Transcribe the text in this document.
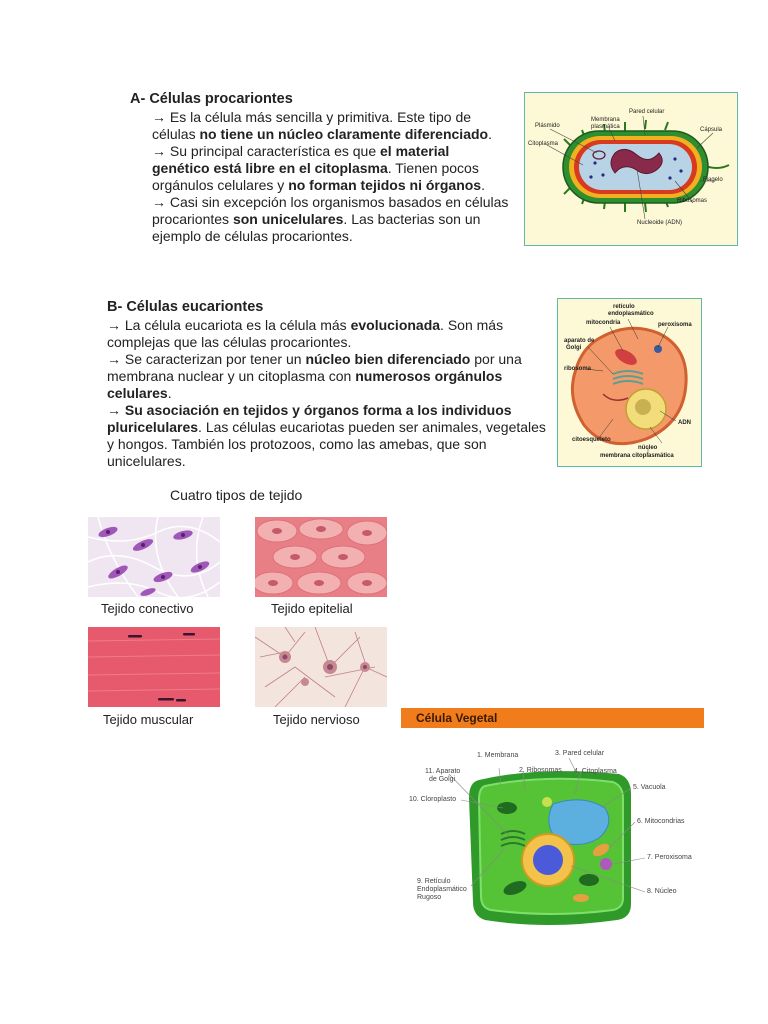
A- Células procariontes

→ Es la célula más sencilla y primitiva. Este tipo de células no tiene un núcleo claramente diferenciado.

→ Su principal característica es que el material genético está libre en el citoplasma. Tienen pocos orgánulos celulares y no forman tejidos ni órganos.

→ Casi sin excepción los organismos basados en células procariontes son unicelulares. Las bacterias son un ejemplo de células procariontes.

Pared celular
Membrana
plasmática
Plásmido
Cápsula
Citoplasma
Flagelo
Ribosomas
Nucleoide (ADN)
B- Células eucariontes

→ La célula eucariota es la célula más evolucionada. Son más complejas que las células procariontes.

→ Se caracterizan por tener un núcleo bien diferenciado por una membrana nuclear y un citoplasma con numerosos orgánulos celulares.

→ Su asociación en tejidos y órganos forma a los individuos pluricelulares. Las células eucariotas pueden ser animales, vegetales y hongos. También los protozoos, como las amebas, que son unicelulares.

retículo
endoplasmático
mitocondria	peroxisoma
aparato de
Golgi
ribosoma
ADN
citoesqueleto
núcleo
membrana citoplasmática
Cuatro tipos de tejido
Tejido conectivo	Tejido epitelial
Tejido muscular	Tejido nervioso	Célula Vegetal
1. Membrana
2. Ribosomas
3. Pared celular
4. Citoplasma
5. Vacuola
6. Mitocondrias
7. Peroxisoma
8. Núcleo
9. Retículo
Endoplasmático
Rugoso
10. Cloroplasto
11. Aparato
de Golgi
